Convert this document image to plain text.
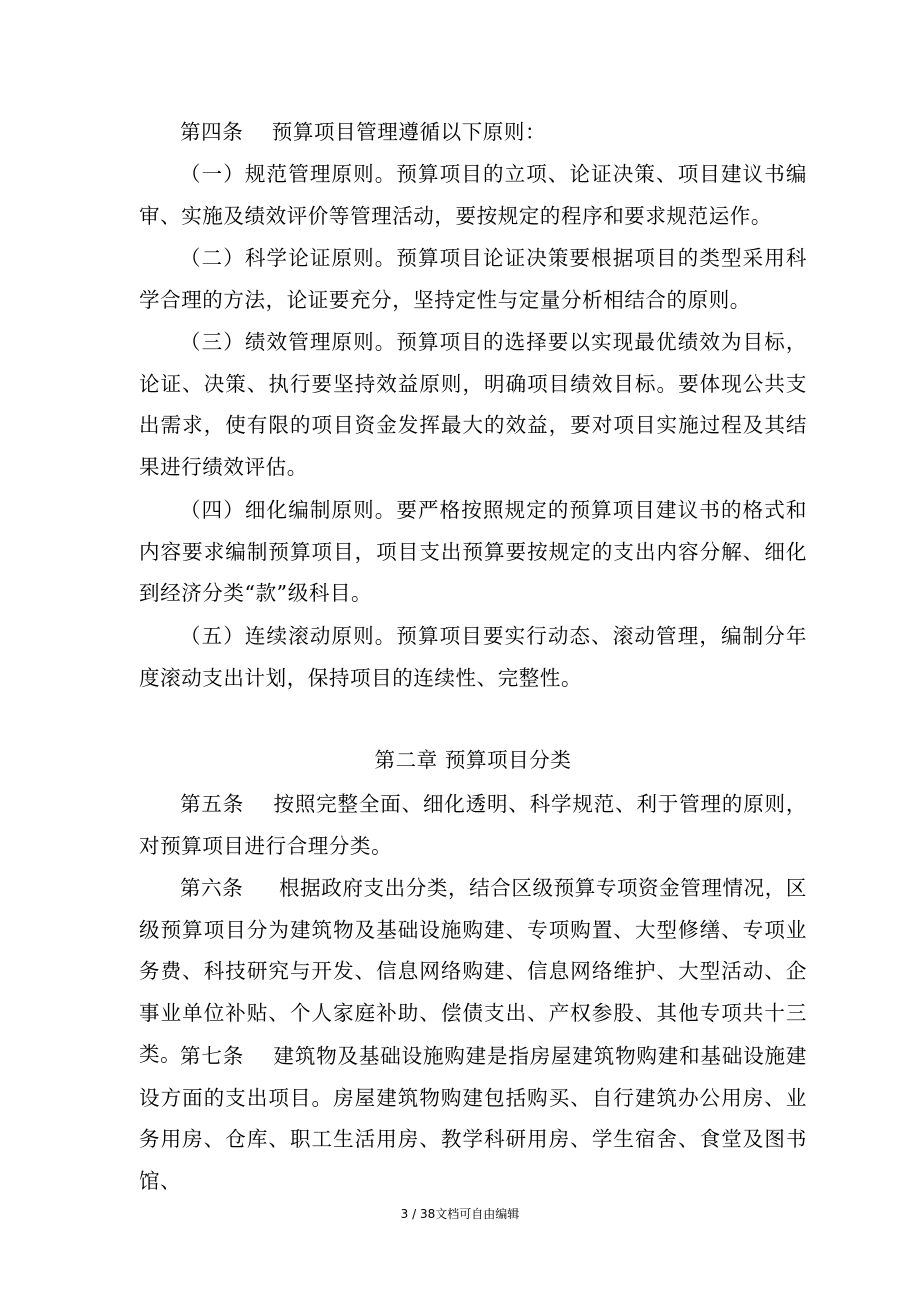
第四条 预算项目管理遵循以下原则：

（一）规范管理原则。预算项目的立项、论证决策、项目建议书编审、实施及绩效评价等管理活动，要按规定的程序和要求规范运作。

（二）科学论证原则。预算项目论证决策要根据项目的类型采用科学合理的方法，论证要充分，坚持定性与定量分析相结合的原则。

（三）绩效管理原则。预算项目的选择要以实现最优绩效为目标，论证、决策、执行要坚持效益原则，明确项目绩效目标。要体现公共支出需求，使有限的项目资金发挥最大的效益，要对项目实施过程及其结果进行绩效评估。

（四）细化编制原则。要严格按照规定的预算项目建议书的格式和内容要求编制预算项目，项目支出预算要按规定的支出内容分解、细化到经济分类“款”级科目。

（五）连续滚动原则。预算项目要实行动态、滚动管理，编制分年度滚动支出计划，保持项目的连续性、完整性。

第二章 预算项目分类

第五条 按照完整全面、细化透明、科学规范、利于管理的原则，对预算项目进行合理分类。

第六条 根据政府支出分类，结合区级预算专项资金管理情况，区级预算项目分为建筑物及基础设施购建、专项购置、大型修缮、专项业务费、科技研究与开发、信息网络购建、信息网络维护、大型活动、企事业单位补贴、个人家庭补助、偿债支出、产权参股、其他专项共十三类。

第七条 建筑物及基础设施购建是指房屋建筑物购建和基础设施建设方面的支出项目。房屋建筑物购建包括购买、自行建筑办公用房、业务用房、仓库、职工生活用房、教学科研用房、学生宿舍、食堂及图书馆、

3 / 38文档可自由编辑
